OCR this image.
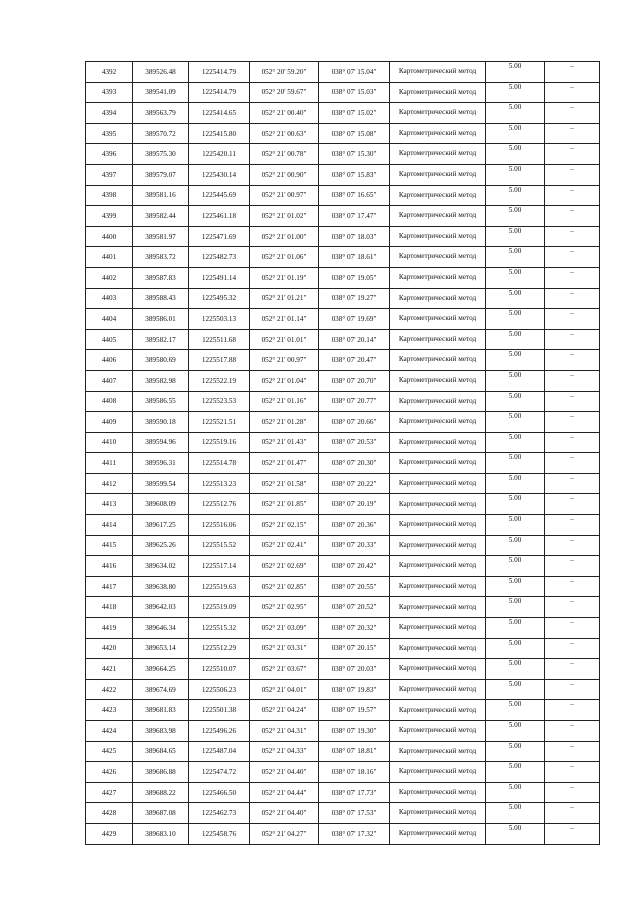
4392	389526.48	1225414.79	052° 20' 59.20"	038° 07' 15.04"	Картометрический метод	5.00	–
4393	389541.09	1225414.79	052° 20' 59.67"	038° 07' 15.03"	Картометрический метод	5.00	–
4394	389563.79	1225414.65	052° 21' 00.40"	038° 07' 15.02"	Картометрический метод	5.00	–
4395	389570.72	1225415.80	052° 21' 00.63"	038° 07' 15.08"	Картометрический метод	5.00	–
4396	389575.30	1225420.11	052° 21' 00.78"	038° 07' 15.30"	Картометрический метод	5.00	–
4397	389579.07	1225430.14	052° 21' 00.90"	038° 07' 15.83"	Картометрический метод	5.00	–
4398	389581.16	1225445.69	052° 21' 00.97"	038° 07' 16.65"	Картометрический метод	5.00	–
4399	389582.44	1225461.18	052° 21' 01.02"	038° 07' 17.47"	Картометрический метод	5.00	–
4400	389581.97	1225471.69	052° 21' 01.00"	038° 07' 18.03"	Картометрический метод	5.00	–
4401	389583.72	1225482.73	052° 21' 01.06"	038° 07' 18.61"	Картометрический метод	5.00	–
4402	389587.83	1225491.14	052° 21' 01.19"	038° 07' 19.05"	Картометрический метод	5.00	–
4403	389588.43	1225495.32	052° 21' 01.21"	038° 07' 19.27"	Картометрический метод	5.00	–
4404	389586.01	1225503.13	052° 21' 01.14"	038° 07' 19.69"	Картометрический метод	5.00	–
4405	389582.17	1225511.68	052° 21' 01.01"	038° 07' 20.14"	Картометрический метод	5.00	–
4406	389580.69	1225517.88	052° 21' 00.97"	038° 07' 20.47"	Картометрический метод	5.00	–
4407	389582.98	1225522.19	052° 21' 01.04"	038° 07' 20.70"	Картометрический метод	5.00	–
4408	389586.55	1225523.53	052° 21' 01.16"	038° 07' 20.77"	Картометрический метод	5.00	–
4409	389590.18	1225521.51	052° 21' 01.28"	038° 07' 20.66"	Картометрический метод	5.00	–
4410	389594.96	1225519.16	052° 21' 01.43"	038° 07' 20.53"	Картометрический метод	5.00	–
4411	389596.31	1225514.78	052° 21' 01.47"	038° 07' 20.30"	Картометрический метод	5.00	–
4412	389599.54	1225513.23	052° 21' 01.58"	038° 07' 20.22"	Картометрический метод	5.00	–
4413	389608.09	1225512.76	052° 21' 01.85"	038° 07' 20.19"	Картометрический метод	5.00	–
4414	389617.25	1225516.06	052° 21' 02.15"	038° 07' 20.36"	Картометрический метод	5.00	–
4415	389625.26	1225515.52	052° 21' 02.41"	038° 07' 20.33"	Картометрический метод	5.00	–
4416	389634.02	1225517.14	052° 21' 02.69"	038° 07' 20.42"	Картометрический метод	5.00	–
4417	389638.80	1225519.63	052° 21' 02.85"	038° 07' 20.55"	Картометрический метод	5.00	–
4418	389642.03	1225519.09	052° 21' 02.95"	038° 07' 20.52"	Картометрический метод	5.00	–
4419	389646.34	1225515.32	052° 21' 03.09"	038° 07' 20.32"	Картометрический метод	5.00	–
4420	389653.14	1225512.29	052° 21' 03.31"	038° 07' 20.15"	Картометрический метод	5.00	–
4421	389664.25	1225510.07	052° 21' 03.67"	038° 07' 20.03"	Картометрический метод	5.00	–
4422	389674.69	1225506.23	052° 21' 04.01"	038° 07' 19.83"	Картометрический метод	5.00	–
4423	389681.83	1225501.38	052° 21' 04.24"	038° 07' 19.57"	Картометрический метод	5.00	–
4424	389683.98	1225496.26	052° 21' 04.31"	038° 07' 19.30"	Картометрический метод	5.00	–
4425	389684.65	1225487.04	052° 21' 04.33"	038° 07' 18.81"	Картометрический метод	5.00	–
4426	389686.88	1225474.72	052° 21' 04.40"	038° 07' 18.16"	Картометрический метод	5.00	–
4427	389688.22	1225466.50	052° 21' 04.44"	038° 07' 17.73"	Картометрический метод	5.00	–
4428	389687.08	1225462.73	052° 21' 04.40"	038° 07' 17.53"	Картометрический метод	5.00	–
4429	389683.10	1225458.76	052° 21' 04.27"	038° 07' 17.32"	Картометрический метод	5.00	–
